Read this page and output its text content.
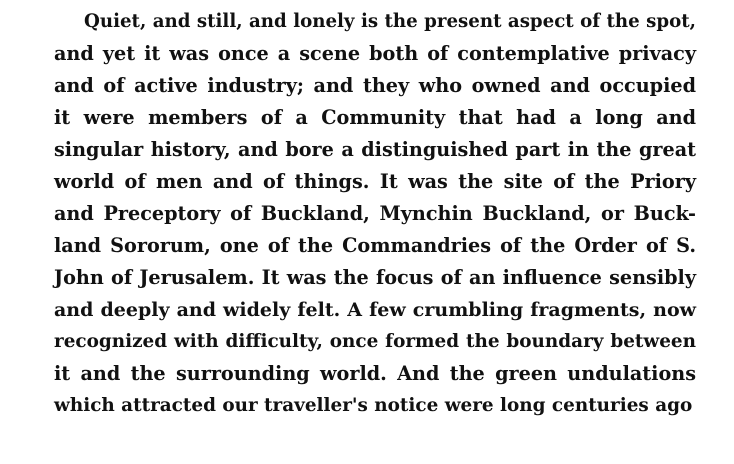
Quiet, and still, and lonely is the present aspect of the spot,
and yet it was once a scene both of contemplative privacy
and of active industry; and they who owned and occupied
it were members of a Community that had a long and
singular history, and bore a distinguished part in the great
world of men and of things. It was the site of the Priory
and Preceptory of Buckland, Mynchin Buckland, or Buck-
land Sororum, one of the Commandries of the Order of S.
John of Jerusalem. It was the focus of an influence sensibly
and deeply and widely felt. A few crumbling fragments, now
recognized with difficulty, once formed the boundary between
it and the surrounding world. And the green undulations
which attracted our traveller's notice were long centuries ago
